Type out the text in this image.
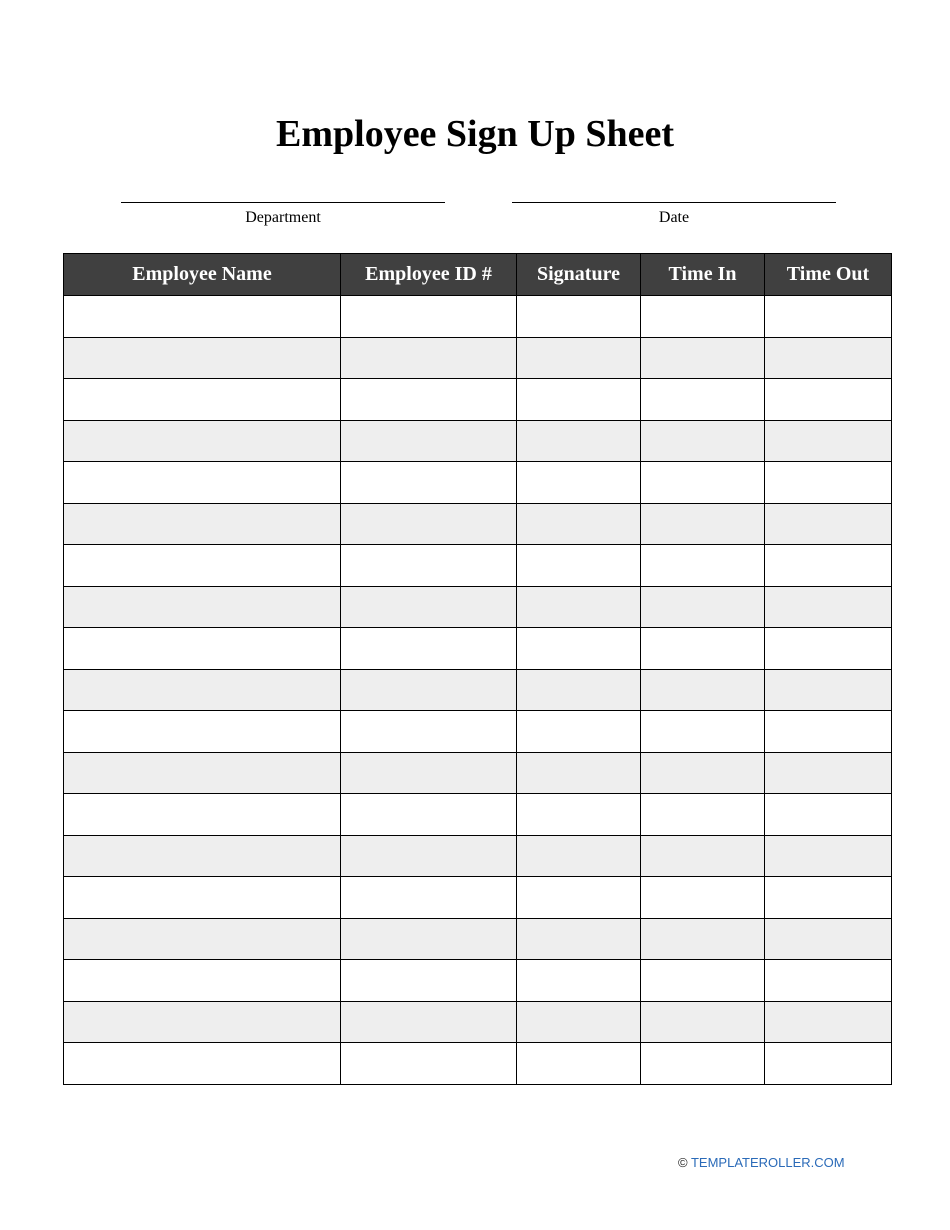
Employee Sign Up Sheet
Department	Date
Employee Name	Employee ID #	Signature	Time In	Time Out

© TEMPLATEROLLER.COM
